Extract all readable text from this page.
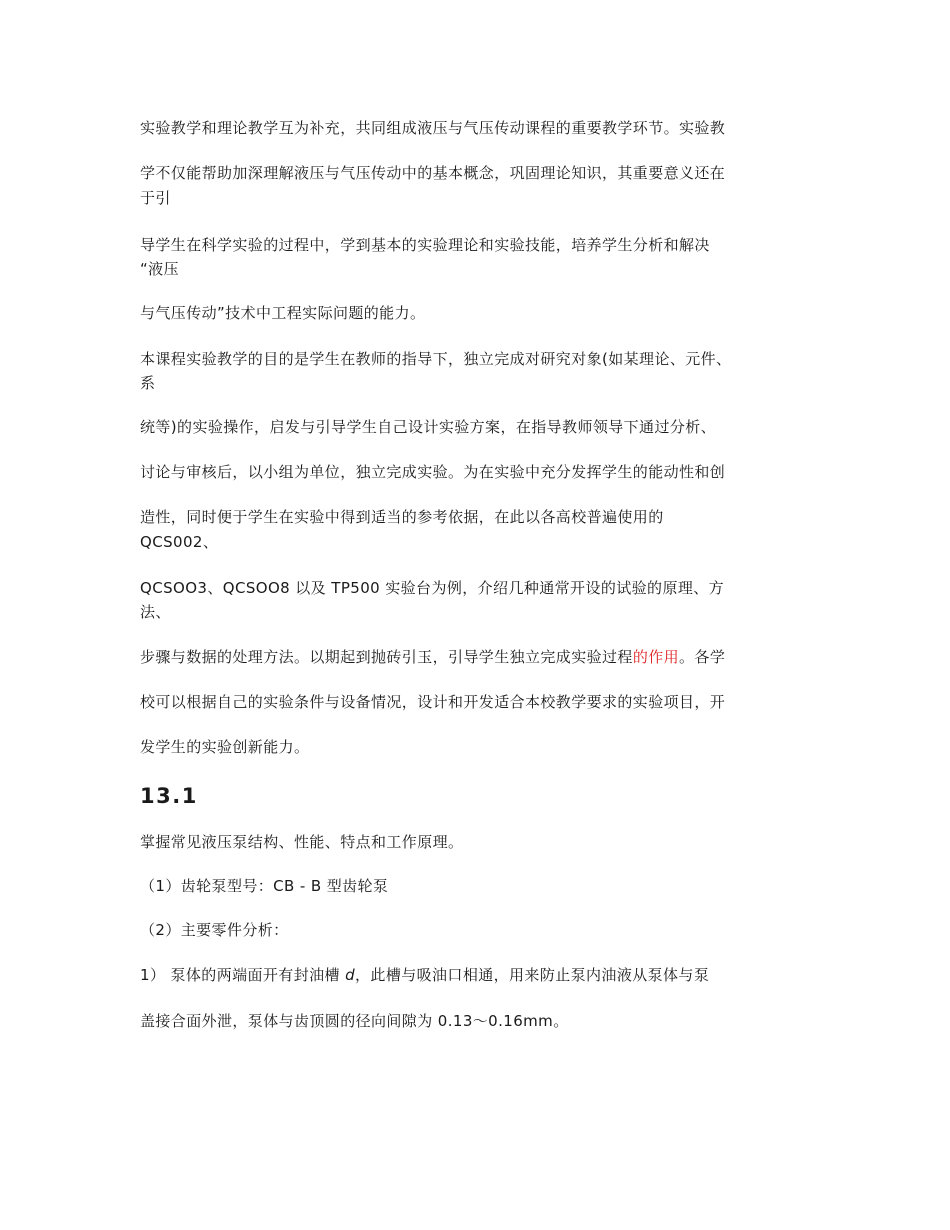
实验教学和理论教学互为补充，共同组成液压与气压传动课程的重要教学环节。实验教
学不仅能帮助加深理解液压与气压传动中的基本概念，巩固理论知识，其重要意义还在
于引
导学生在科学实验的过程中，学到基本的实验理论和实验技能，培养学生分析和解决
“液压
与气压传动”技术中工程实际问题的能力。
本课程实验教学的目的是学生在教师的指导下，独立完成对研究对象(如某理论、元件、
系
统等)的实验操作，启发与引导学生自己设计实验方案，在指导教师领导下通过分析、
讨论与审核后，以小组为单位，独立完成实验。为在实验中充分发挥学生的能动性和创
造性，同时便于学生在实验中得到适当的参考依据，在此以各高校普遍使用的
QCS002、
QCSOO3、QCSOO8 以及 TP500 实验台为例，介绍几种通常开设的试验的原理、方
法、
步骤与数据的处理方法。以期起到抛砖引玉，引导学生独立完成实验过程的作用。各学
校可以根据自己的实验条件与设备情况，设计和开发适合本校教学要求的实验项目，开
发学生的实验创新能力。
13.1
掌握常见液压泵结构、性能、特点和工作原理。
（1）齿轮泵型号：CB - B 型齿轮泵
（2）主要零件分析：
1） 泵体的两端面开有封油槽 d，此槽与吸油口相通，用来防止泵内油液从泵体与泵
盖接合面外泄，泵体与齿顶圆的径向间隙为 0.13～0.16mm。
